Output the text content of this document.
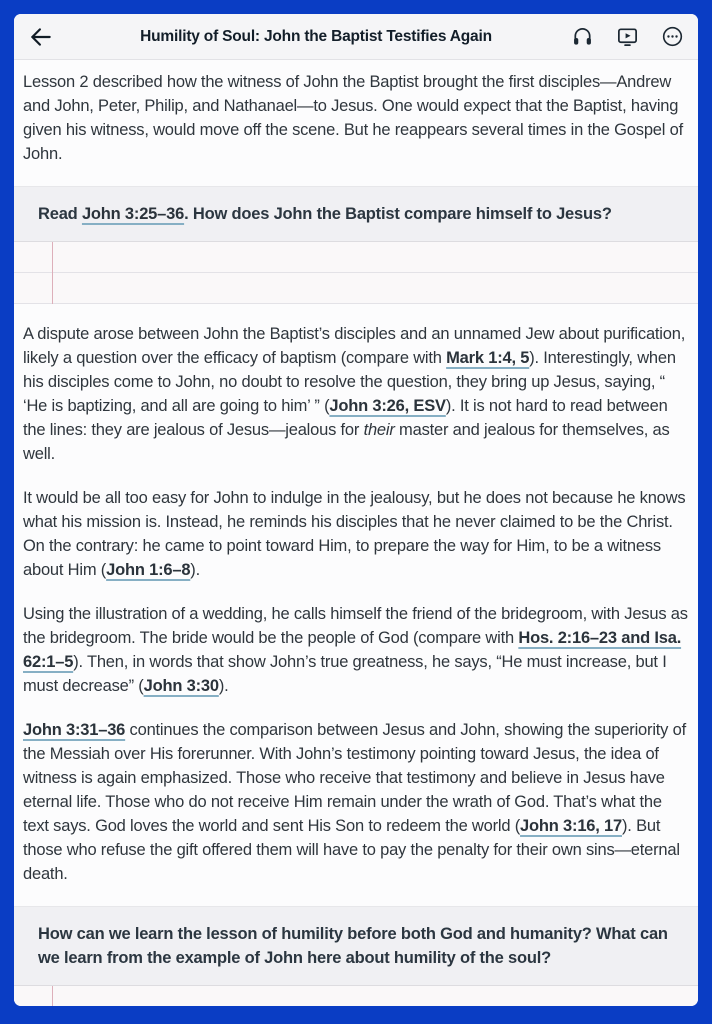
Humility of Soul: John the Baptist Testifies Again

Lesson 2 described how the witness of John the Baptist brought the first disciples—Andrew and John, Peter, Philip, and Nathanael—to Jesus. One would expect that the Baptist, having given his witness, would move off the scene. But he reappears several times in the Gospel of John.

Read John 3:25–36. How does John the Baptist compare himself to Jesus?

A dispute arose between John the Baptist’s disciples and an unnamed Jew about purification, likely a question over the efficacy of baptism (compare with Mark 1:4, 5). Interestingly, when his disciples come to John, no doubt to resolve the question, they bring up Jesus, saying, “ ‘He is baptizing, and all are going to him’ ” (John 3:26, ESV). It is not hard to read between the lines: they are jealous of Jesus—jealous for their master and jealous for themselves, as well.

It would be all too easy for John to indulge in the jealousy, but he does not because he knows what his mission is. Instead, he reminds his disciples that he never claimed to be the Christ. On the contrary: he came to point toward Him, to prepare the way for Him, to be a witness about Him (John 1:6–8).

Using the illustration of a wedding, he calls himself the friend of the bridegroom, with Jesus as the bridegroom. The bride would be the people of God (compare with Hos. 2:16–23 and Isa. 62:1–5). Then, in words that show John’s true greatness, he says, “He must increase, but I must decrease” (John 3:30).

John 3:31–36 continues the comparison between Jesus and John, showing the superiority of the Messiah over His forerunner. With John’s testimony pointing toward Jesus, the idea of witness is again emphasized. Those who receive that testimony and believe in Jesus have eternal life. Those who do not receive Him remain under the wrath of God. That’s what the text says. God loves the world and sent His Son to redeem the world (John 3:16, 17). But those who refuse the gift offered them will have to pay the penalty for their own sins—eternal death.

How can we learn the lesson of humility before both God and humanity? What can we learn from the example of John here about humility of the soul?
